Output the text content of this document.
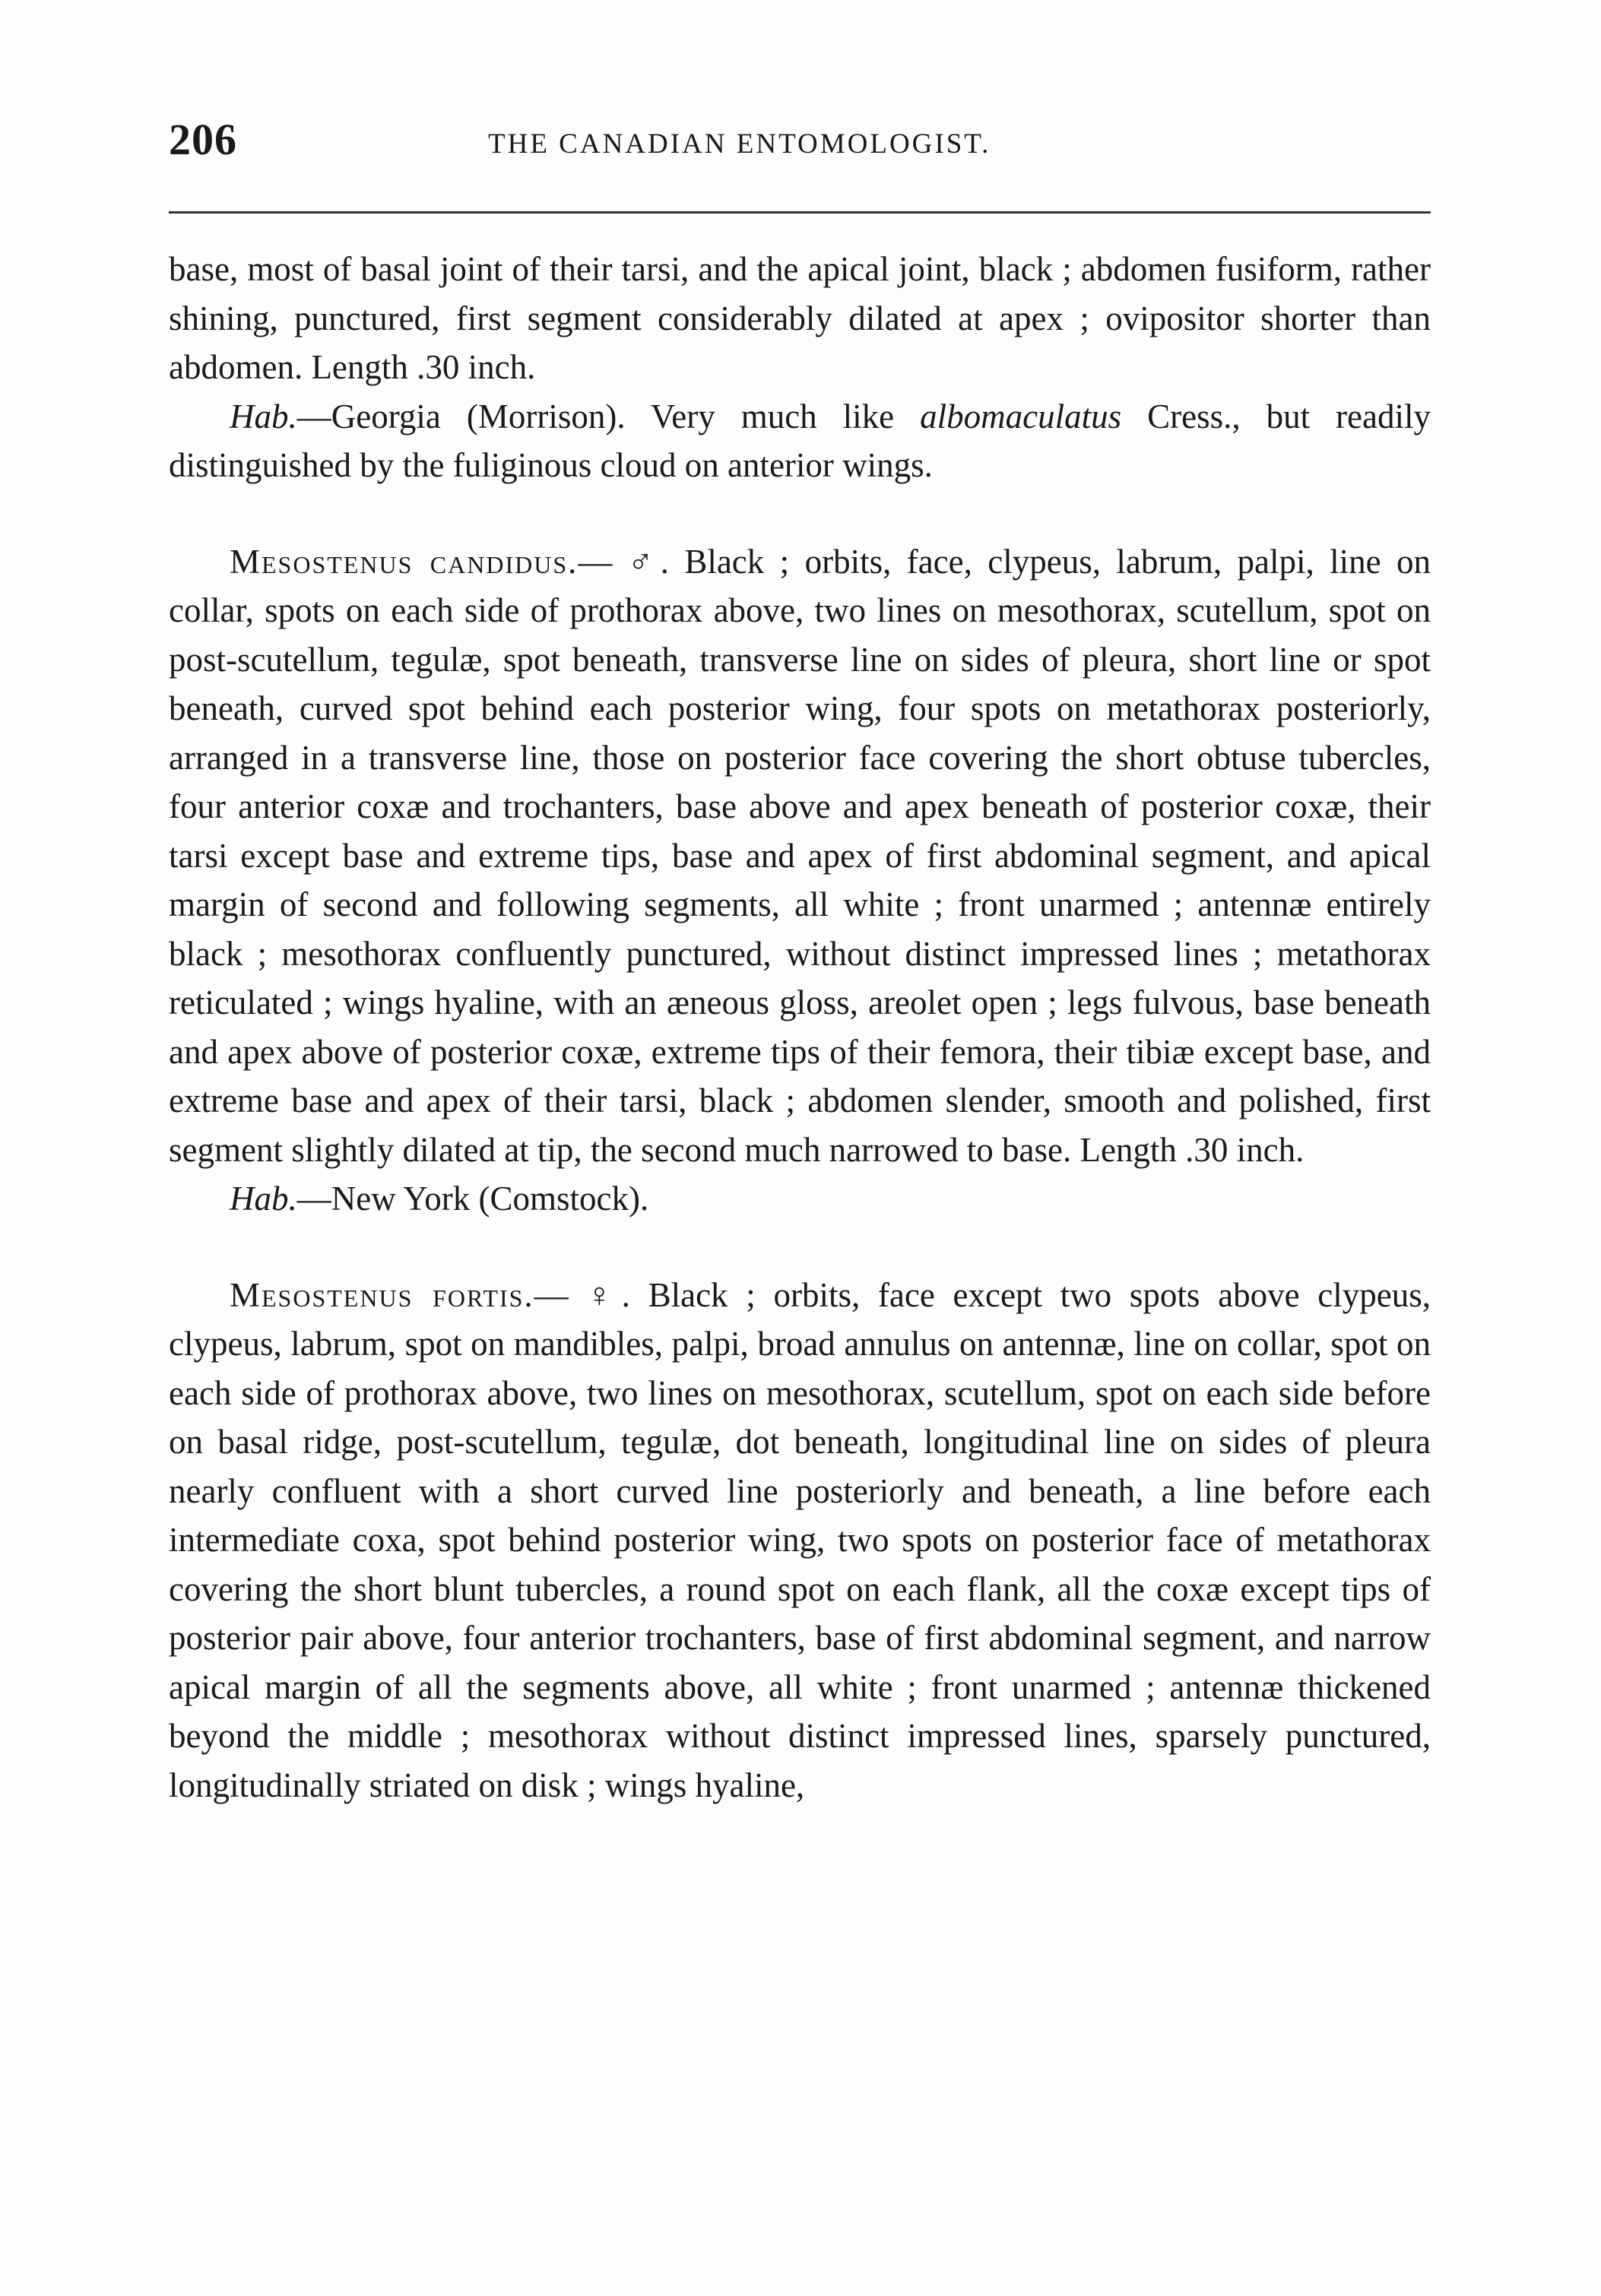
206	THE CANADIAN ENTOMOLOGIST.

base, most of basal joint of their tarsi, and the apical joint, black ; abdomen fusiform, rather shining, punctured, first segment considerably dilated at apex ; ovipositor shorter than abdomen. Length .30 inch.

Hab.—Georgia (Morrison). Very much like albomaculatus Cress., but readily distinguished by the fuliginous cloud on anterior wings.

Mesostenus candidus.— ♂. Black ; orbits, face, clypeus, labrum, palpi, line on collar, spots on each side of prothorax above, two lines on mesothorax, scutellum, spot on post-scutellum, tegulæ, spot beneath, transverse line on sides of pleura, short line or spot beneath, curved spot behind each posterior wing, four spots on metathorax posteriorly, arranged in a transverse line, those on posterior face covering the short obtuse tubercles, four anterior coxæ and trochanters, base above and apex beneath of posterior coxæ, their tarsi except base and extreme tips, base and apex of first abdominal segment, and apical margin of second and following segments, all white ; front unarmed ; antennæ entirely black ; mesothorax confluently punctured, without distinct impressed lines ; metathorax reticulated ; wings hyaline, with an æneous gloss, areolet open ; legs fulvous, base beneath and apex above of posterior coxæ, extreme tips of their femora, their tibiæ except base, and extreme base and apex of their tarsi, black ; abdomen slender, smooth and polished, first segment slightly dilated at tip, the second much narrowed to base. Length .30 inch.

Hab.—New York (Comstock).

Mesostenus fortis.— ♀. Black ; orbits, face except two spots above clypeus, clypeus, labrum, spot on mandibles, palpi, broad annulus on antennæ, line on collar, spot on each side of prothorax above, two lines on mesothorax, scutellum, spot on each side before on basal ridge, post-scutellum, tegulæ, dot beneath, longitudinal line on sides of pleura nearly confluent with a short curved line posteriorly and beneath, a line before each intermediate coxa, spot behind posterior wing, two spots on posterior face of metathorax covering the short blunt tubercles, a round spot on each flank, all the coxæ except tips of posterior pair above, four anterior trochanters, base of first abdominal segment, and narrow apical margin of all the segments above, all white ; front unarmed ; antennæ thickened beyond the middle ; mesothorax without distinct impressed lines, sparsely punctured, longitudinally striated on disk ; wings hyaline,
